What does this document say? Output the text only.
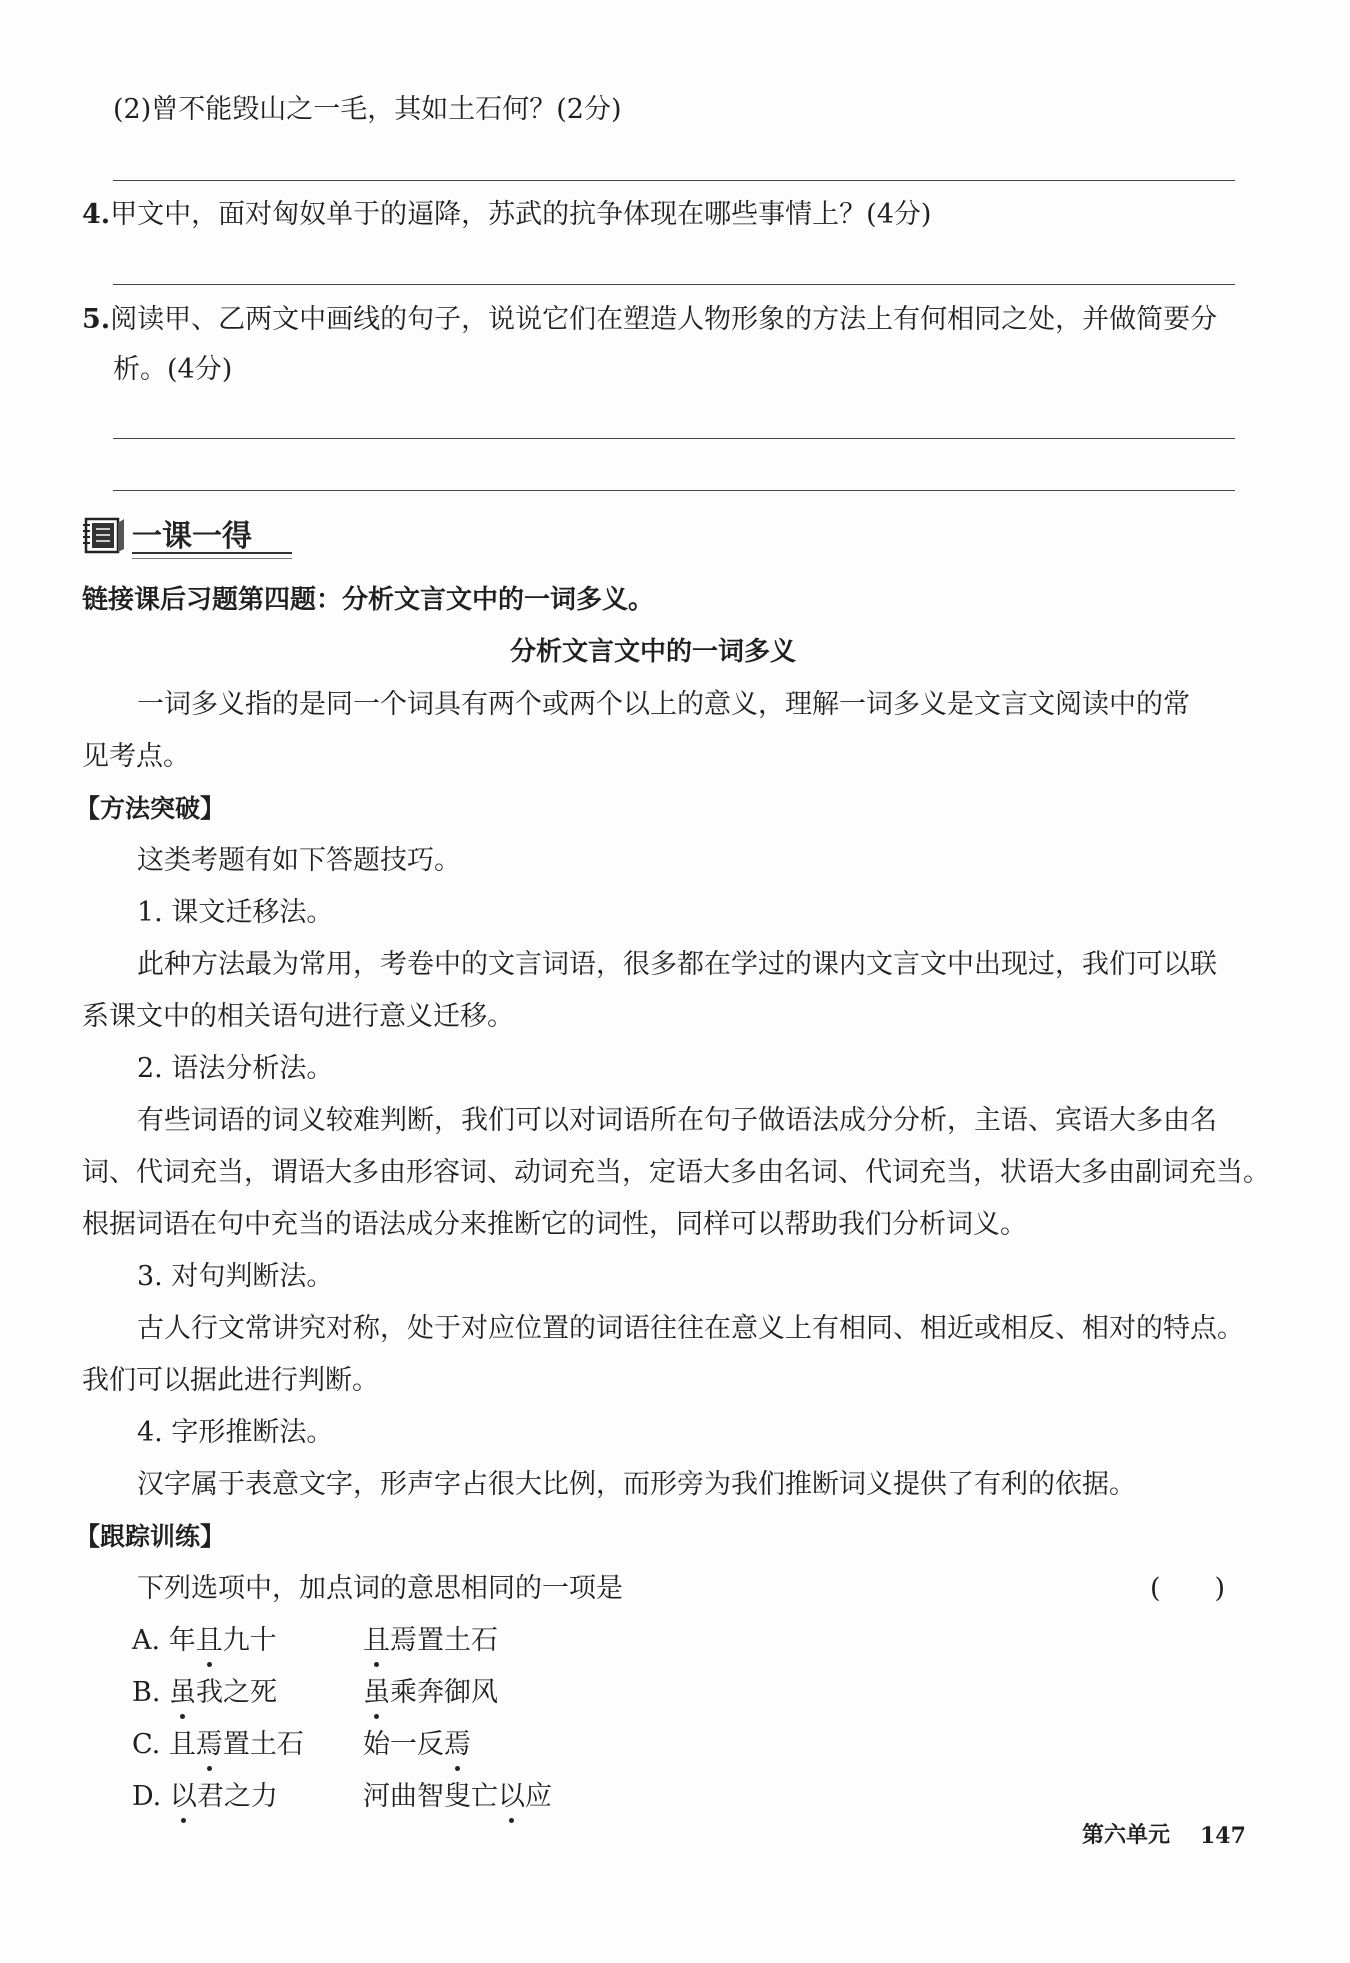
(2)曾不能毁山之一毛，其如土石何？(2分)
4.甲文中，面对匈奴单于的逼降，苏武的抗争体现在哪些事情上？(4分)
5.阅读甲、乙两文中画线的句子，说说它们在塑造人物形象的方法上有何相同之处，并做简要分
析。(4分)
一课一得
链接课后习题第四题：分析文言文中的一词多义。
分析文言文中的一词多义
一词多义指的是同一个词具有两个或两个以上的意义，理解一词多义是文言文阅读中的常
见考点。
【方法突破】
这类考题有如下答题技巧。
1. 课文迁移法。
此种方法最为常用，考卷中的文言词语，很多都在学过的课内文言文中出现过，我们可以联
系课文中的相关语句进行意义迁移。
2. 语法分析法。
有些词语的词义较难判断，我们可以对词语所在句子做语法成分分析，主语、宾语大多由名
词、代词充当，谓语大多由形容词、动词充当，定语大多由名词、代词充当，状语大多由副词充当。
根据词语在句中充当的语法成分来推断它的词性，同样可以帮助我们分析词义。
3. 对句判断法。
古人行文常讲究对称，处于对应位置的词语往往在意义上有相同、相近或相反、相对的特点。
我们可以据此进行判断。
4. 字形推断法。
汉字属于表意文字，形声字占很大比例，而形旁为我们推断词义提供了有利的依据。
【跟踪训练】
下列选项中，加点词的意思相同的一项是	(　　)
A. 年且九十	且焉置土石
B. 虽我之死	虽乘奔御风
C. 且焉置土石 始一反焉
D. 以君之力	河曲智叟亡以应
第六单元 147
